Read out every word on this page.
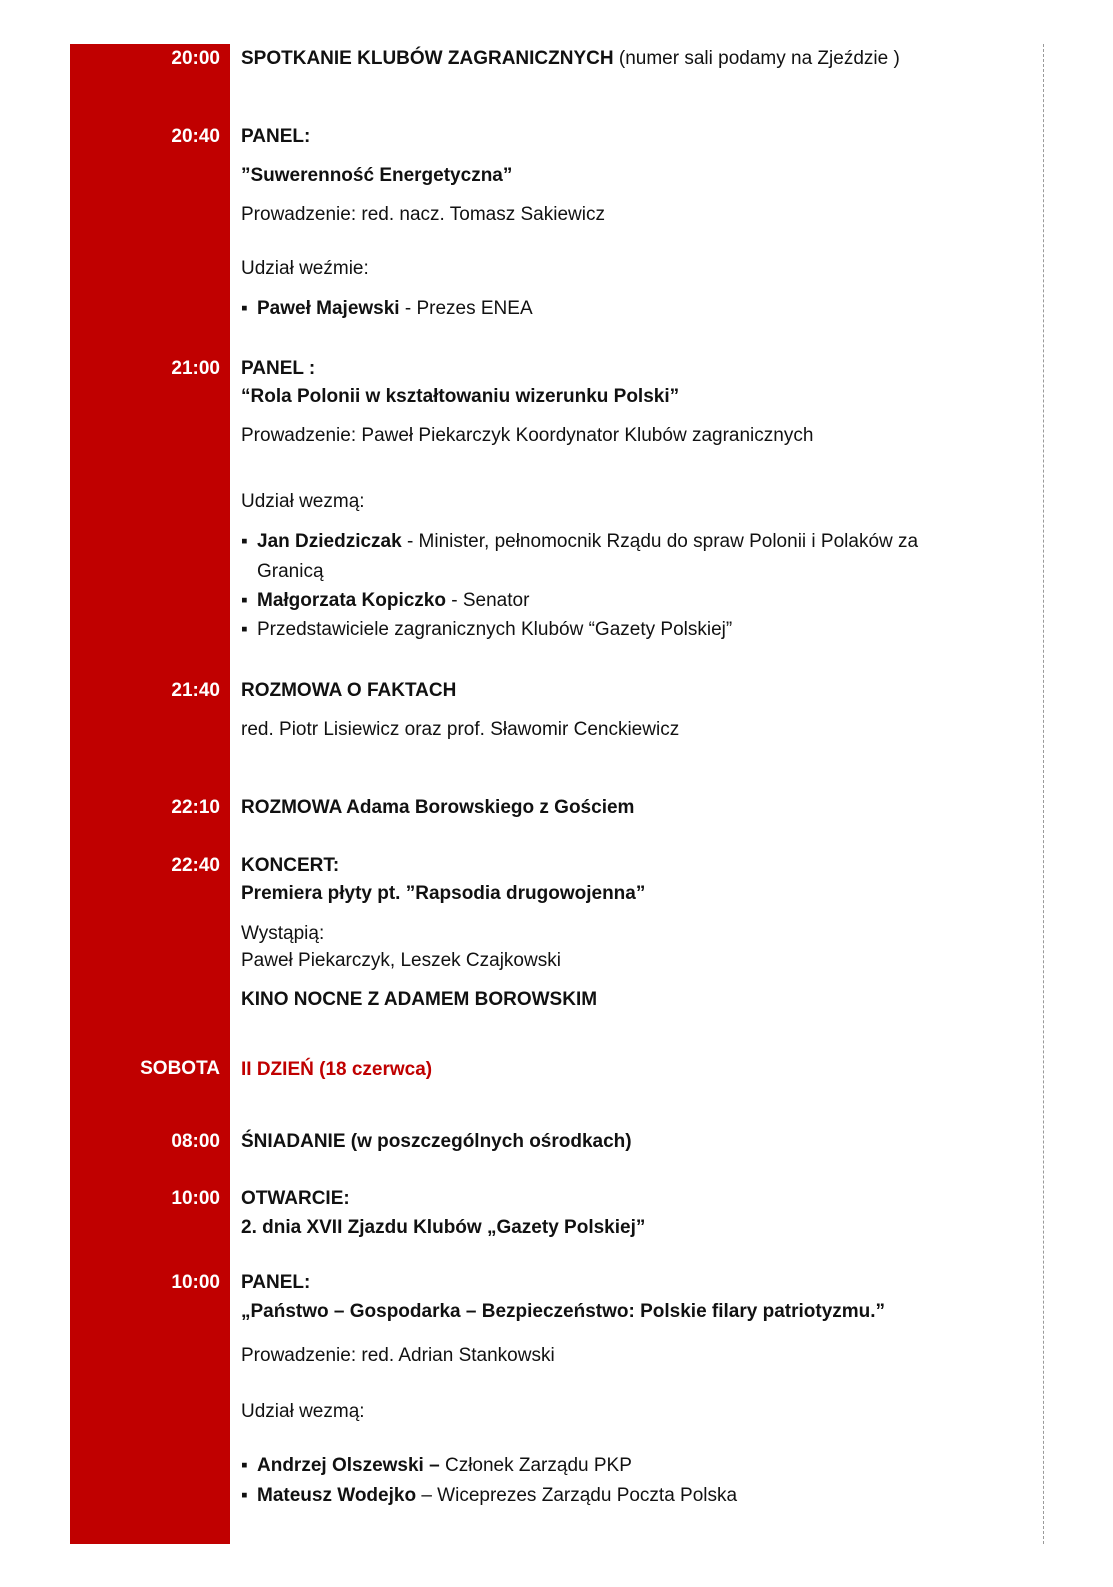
20:00
20:40
21:00
21:40
22:10
22:40
SOBOTA
08:00
10:00
10:00
SPOTKANIE KLUBÓW ZAGRANICZNYCH (numer sali podamy na Zjeździe )
PANEL:
”Suwerenność Energetyczna”
Prowadzenie: red. nacz. Tomasz Sakiewicz
Udział weźmie:
▪ Paweł Majewski - Prezes ENEA
PANEL :
“Rola Polonii w kształtowaniu wizerunku Polski”
Prowadzenie: Paweł Piekarczyk Koordynator Klubów zagranicznych
Udział wezmą:
▪ Jan Dziedziczak - Minister, pełnomocnik Rządu do spraw Polonii i Polaków za
Granicą
▪ Małgorzata Kopiczko - Senator
▪ Przedstawiciele zagranicznych Klubów “Gazety Polskiej”
ROZMOWA O FAKTACH
red. Piotr Lisiewicz oraz prof. Sławomir Cenckiewicz
ROZMOWA Adama Borowskiego z Gościem
KONCERT:
Premiera płyty pt. ”Rapsodia drugowojenna”
Wystąpią:
Paweł Piekarczyk, Leszek Czajkowski
KINO NOCNE Z ADAMEM BOROWSKIM
II DZIEŃ (18 czerwca)
ŚNIADANIE (w poszczególnych ośrodkach)
OTWARCIE:
2. dnia XVII Zjazdu Klubów „Gazety Polskiej”
PANEL:
„Państwo – Gospodarka – Bezpieczeństwo: Polskie filary patriotyzmu.”
Prowadzenie: red. Adrian Stankowski
Udział wezmą:
▪ Andrzej Olszewski – Członek Zarządu PKP
▪ Mateusz Wodejko – Wiceprezes Zarządu Poczta Polska
